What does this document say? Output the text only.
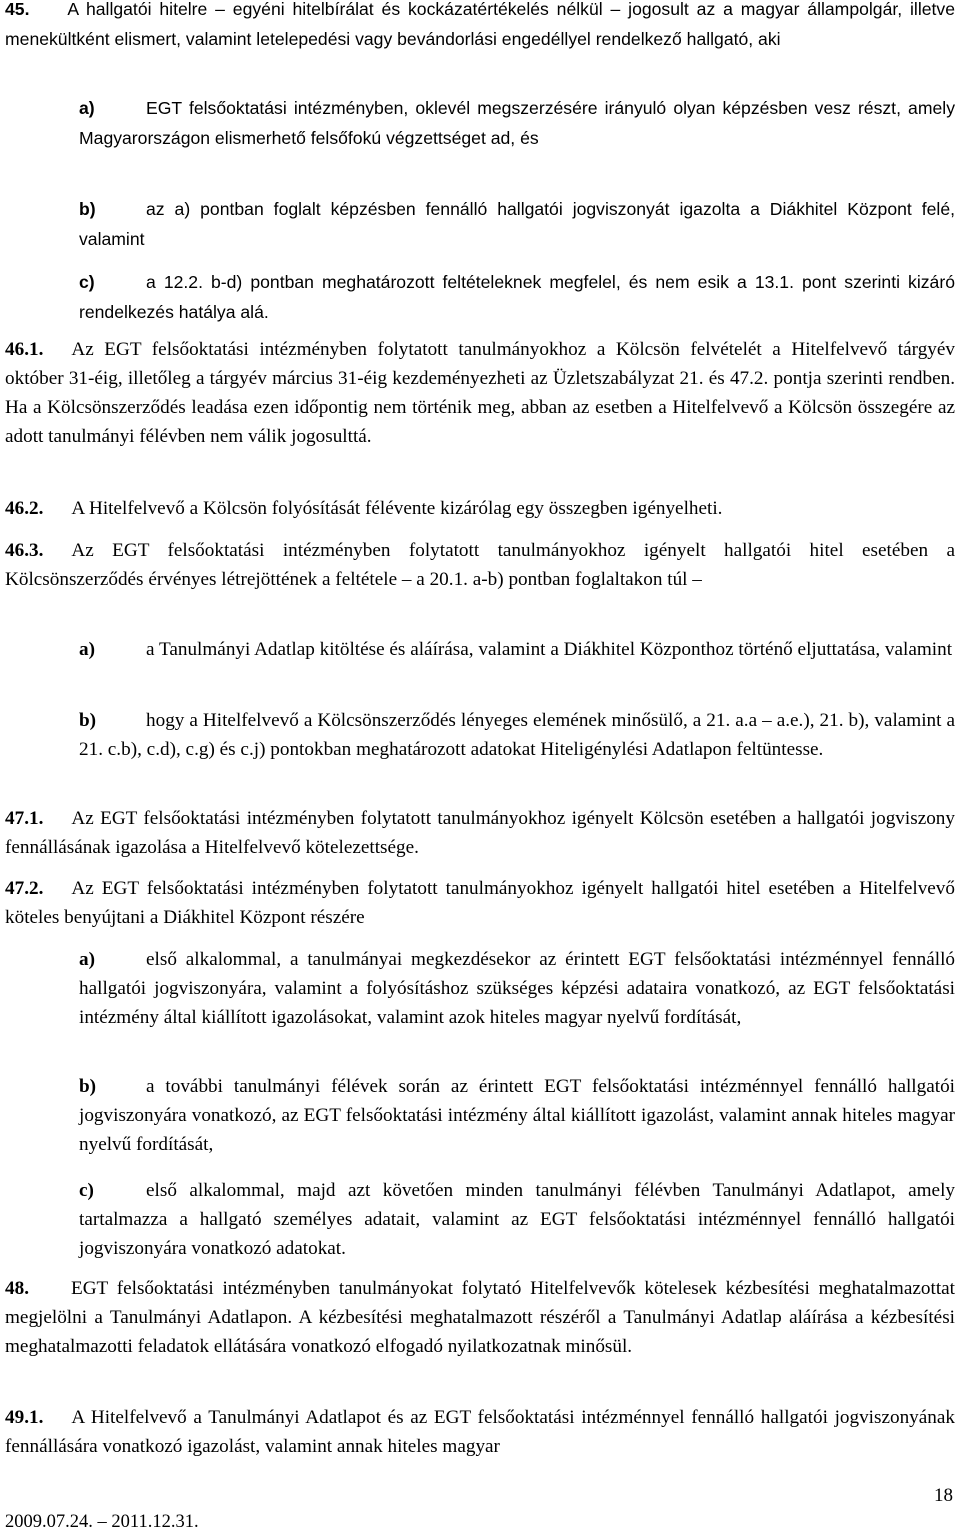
45. A hallgatói hitelre – egyéni hitelbírálat és kockázatértékelés nélkül – jogosult az a magyar állampolgár, illetve menekültként elismert, valamint letelepedési vagy bevándorlási engedéllyel rendelkező hallgató, aki

a)	EGT felsőoktatási intézményben, oklevél megszerzésére irányuló olyan képzésben vesz részt, amely Magyarországon elismerhető felsőfokú végzettséget ad, és

b)	az a) pontban foglalt képzésben fennálló hallgatói jogviszonyát igazolta a Diákhitel Központ felé, valamint

c)	a 12.2. b-d) pontban meghatározott feltételeknek megfelel, és nem esik a 13.1. pont szerinti kizáró rendelkezés hatálya alá.

46.1. Az EGT felsőoktatási intézményben folytatott tanulmányokhoz a Kölcsön felvételét a Hitelfelvevő tárgyév október 31-éig, illetőleg a tárgyév március 31-éig kezdeményezheti az Üzletszabályzat 21. és 47.2. pontja szerinti rendben. Ha a Kölcsönszerződés leadása ezen időpontig nem történik meg, abban az esetben a Hitelfelvevő a Kölcsön összegére az adott tanulmányi félévben nem válik jogosulttá.

46.2. A Hitelfelvevő a Kölcsön folyósítását félévente kizárólag egy összegben igényelheti.

46.3. Az EGT felsőoktatási intézményben folytatott tanulmányokhoz igényelt hallgatói hitel esetében a Kölcsönszerződés érvényes létrejöttének a feltétele – a 20.1. a-b) pontban foglaltakon túl –

a)	a Tanulmányi Adatlap kitöltése és aláírása, valamint a Diákhitel Központhoz történő eljuttatása, valamint

b)	hogy a Hitelfelvevő a Kölcsönszerződés lényeges elemének minősülő, a 21. a.a – a.e.), 21. b), valamint a 21. c.b), c.d), c.g) és c.j) pontokban meghatározott adatokat Hiteligénylési Adatlapon feltüntesse.

47.1. Az EGT felsőoktatási intézményben folytatott tanulmányokhoz igényelt Kölcsön esetében a hallgatói jogviszony fennállásának igazolása a Hitelfelvevő kötelezettsége.

47.2. Az EGT felsőoktatási intézményben folytatott tanulmányokhoz igényelt hallgatói hitel esetében a Hitelfelvevő köteles benyújtani a Diákhitel Központ részére

a)	első alkalommal, a tanulmányai megkezdésekor az érintett EGT felsőoktatási intézménnyel fennálló hallgatói jogviszonyára, valamint a folyósításhoz szükséges képzési adataira vonatkozó, az EGT felsőoktatási intézmény által kiállított igazolásokat, valamint azok hiteles magyar nyelvű fordítását,

b)	a további tanulmányi félévek során az érintett EGT felsőoktatási intézménnyel fennálló hallgatói jogviszonyára vonatkozó, az EGT felsőoktatási intézmény által kiállított igazolást, valamint annak hiteles magyar nyelvű fordítását,

c)	első alkalommal, majd azt követően minden tanulmányi félévben Tanulmányi Adatlapot, amely tartalmazza a hallgató személyes adatait, valamint az EGT felsőoktatási intézménnyel fennálló hallgatói jogviszonyára vonatkozó adatokat.

48. EGT felsőoktatási intézményben tanulmányokat folytató Hitelfelvevők kötelesek kézbesítési meghatalmazottat megjelölni a Tanulmányi Adatlapon. A kézbesítési meghatalmazott részéről a Tanulmányi Adatlap aláírása a kézbesítési meghatalmazotti feladatok ellátására vonatkozó elfogadó nyilatkozatnak minősül.

49.1. A Hitelfelvevő a Tanulmányi Adatlapot és az EGT felsőoktatási intézménnyel fennálló hallgatói jogviszonyának fennállására vonatkozó igazolást, valamint annak hiteles magyar

18
2009.07.24. – 2011.12.31.
